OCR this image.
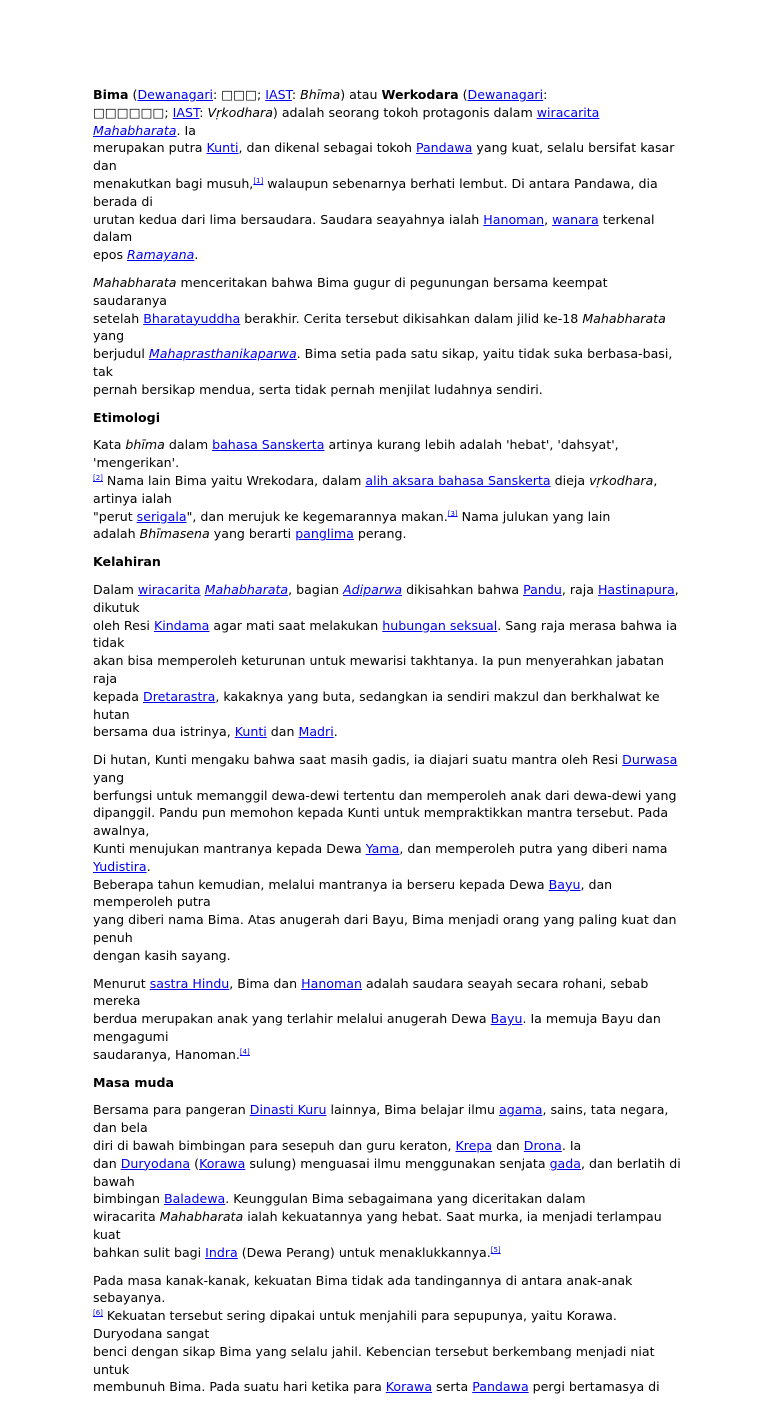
Bima (Dewanagari: □□□; IAST: Bhīma) atau Werkodara (Dewanagari:
□□□□□□; IAST: Vṛkodhara) adalah seorang tokoh protagonis dalam wiracarita Mahabharata. Ia
merupakan putra Kunti, dan dikenal sebagai tokoh Pandawa yang kuat, selalu bersifat kasar dan
menakutkan bagi musuh,[1] walaupun sebenarnya berhati lembut. Di antara Pandawa, dia berada di
urutan kedua dari lima bersaudara. Saudara seayahnya ialah Hanoman, wanara terkenal dalam
epos Ramayana.

Mahabharata menceritakan bahwa Bima gugur di pegunungan bersama keempat saudaranya
setelah Bharatayuddha berakhir. Cerita tersebut dikisahkan dalam jilid ke-18 Mahabharata yang
berjudul Mahaprasthanikaparwa. Bima setia pada satu sikap, yaitu tidak suka berbasa-basi, tak
pernah bersikap mendua, serta tidak pernah menjilat ludahnya sendiri.

Etimologi

Kata bhīma dalam bahasa Sanskerta artinya kurang lebih adalah 'hebat', 'dahsyat', 'mengerikan'.
[2] Nama lain Bima yaitu Wrekodara, dalam alih aksara bahasa Sanskerta dieja vṛkodhara, artinya ialah
"perut serigala", dan merujuk ke kegemarannya makan.[3] Nama julukan yang lain
adalah Bhīmasena yang berarti panglima perang.

Kelahiran

Dalam wiracarita Mahabharata, bagian Adiparwa dikisahkan bahwa Pandu, raja Hastinapura, dikutuk
oleh Resi Kindama agar mati saat melakukan hubungan seksual. Sang raja merasa bahwa ia tidak
akan bisa memperoleh keturunan untuk mewarisi takhtanya. Ia pun menyerahkan jabatan raja
kepada Dretarastra, kakaknya yang buta, sedangkan ia sendiri makzul dan berkhalwat ke hutan
bersama dua istrinya, Kunti dan Madri.

Di hutan, Kunti mengaku bahwa saat masih gadis, ia diajari suatu mantra oleh Resi Durwasa yang
berfungsi untuk memanggil dewa-dewi tertentu dan memperoleh anak dari dewa-dewi yang
dipanggil. Pandu pun memohon kepada Kunti untuk mempraktikkan mantra tersebut. Pada awalnya,
Kunti menujukan mantranya kepada Dewa Yama, dan memperoleh putra yang diberi nama Yudistira.
Beberapa tahun kemudian, melalui mantranya ia berseru kepada Dewa Bayu, dan memperoleh putra
yang diberi nama Bima. Atas anugerah dari Bayu, Bima menjadi orang yang paling kuat dan penuh
dengan kasih sayang.

Menurut sastra Hindu, Bima dan Hanoman adalah saudara seayah secara rohani, sebab mereka
berdua merupakan anak yang terlahir melalui anugerah Dewa Bayu. Ia memuja Bayu dan mengagumi
saudaranya, Hanoman.[4]

Masa muda

Bersama para pangeran Dinasti Kuru lainnya, Bima belajar ilmu agama, sains, tata negara, dan bela
diri di bawah bimbingan para sesepuh dan guru keraton, Krepa dan Drona. Ia
dan Duryodana (Korawa sulung) menguasai ilmu menggunakan senjata gada, dan berlatih di bawah
bimbingan Baladewa. Keunggulan Bima sebagaimana yang diceritakan dalam
wiracarita Mahabharata ialah kekuatannya yang hebat. Saat murka, ia menjadi terlampau kuat
bahkan sulit bagi Indra (Dewa Perang) untuk menaklukkannya.[5]

Pada masa kanak-kanak, kekuatan Bima tidak ada tandingannya di antara anak-anak sebayanya.
[6] Kekuatan tersebut sering dipakai untuk menjahili para sepupunya, yaitu Korawa. Duryodana sangat
benci dengan sikap Bima yang selalu jahil. Kebencian tersebut berkembang menjadi niat untuk
membunuh Bima. Pada suatu hari ketika para Korawa serta Pandawa pergi bertamasya di
